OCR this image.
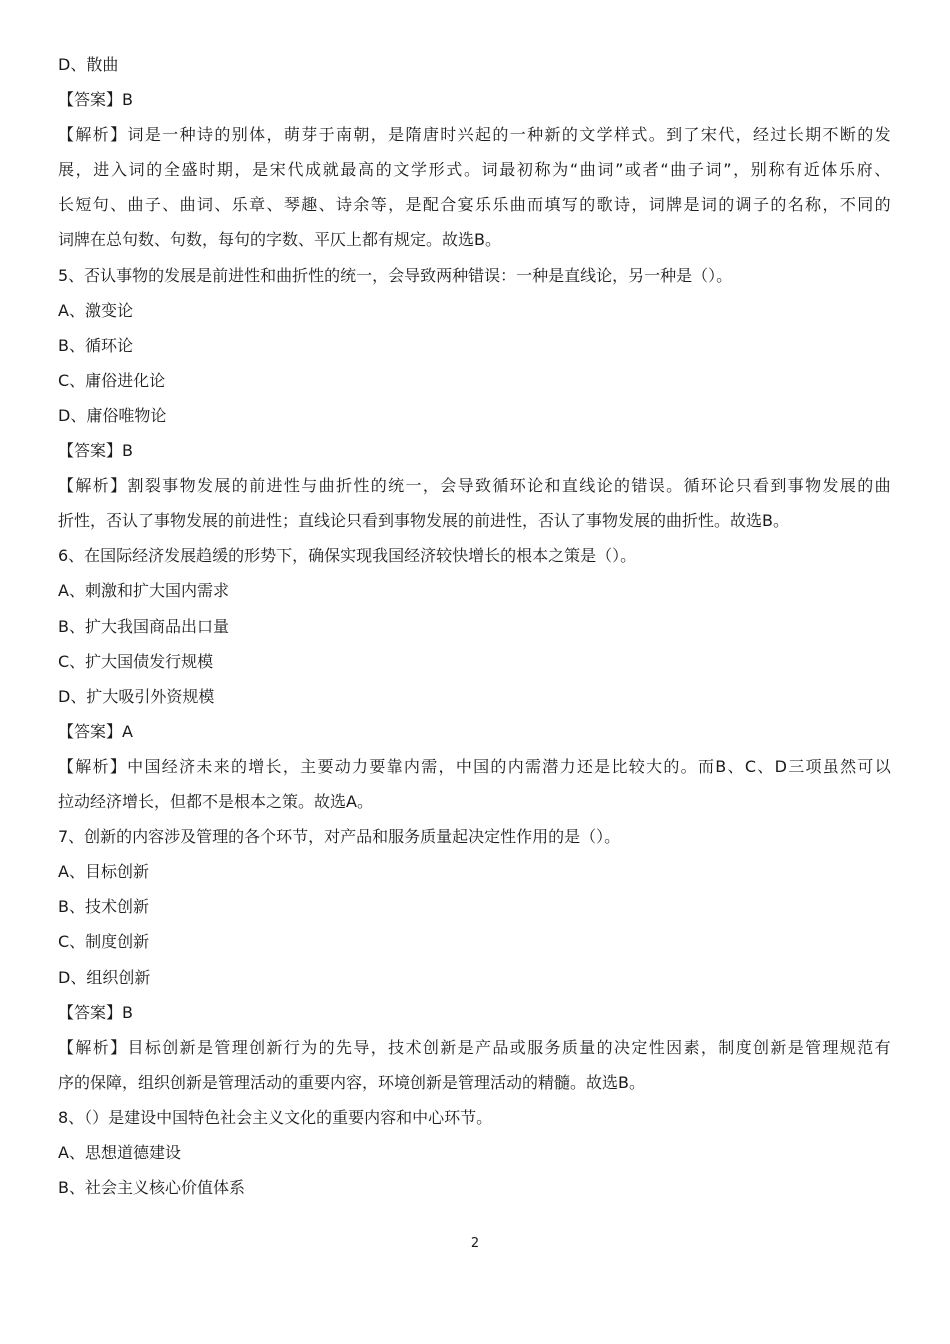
D、散曲
【答案】B
【解析】词是一种诗的别体，萌芽于南朝，是隋唐时兴起的一种新的文学样式。到了宋代，经过长期不断的发
展，进入词的全盛时期，是宋代成就最高的文学形式。词最初称为“曲词”或者“曲子词”，别称有近体乐府、
长短句、曲子、曲词、乐章、琴趣、诗余等，是配合宴乐乐曲而填写的歌诗，词牌是词的调子的名称，不同的
词牌在总句数、句数，每句的字数、平仄上都有规定。故选B。
5、否认事物的发展是前进性和曲折性的统一，会导致两种错误：一种是直线论，另一种是（）。
A、激变论
B、循环论
C、庸俗进化论
D、庸俗唯物论
【答案】B
【解析】割裂事物发展的前进性与曲折性的统一，会导致循环论和直线论的错误。循环论只看到事物发展的曲
折性，否认了事物发展的前进性；直线论只看到事物发展的前进性，否认了事物发展的曲折性。故选B。
6、在国际经济发展趋缓的形势下，确保实现我国经济较快增长的根本之策是（）。
A、刺激和扩大国内需求
B、扩大我国商品出口量
C、扩大国债发行规模
D、扩大吸引外资规模
【答案】A
【解析】中国经济未来的增长，主要动力要靠内需，中国的内需潜力还是比较大的。而B、C、D三项虽然可以
拉动经济增长，但都不是根本之策。故选A。
7、创新的内容涉及管理的各个环节，对产品和服务质量起决定性作用的是（）。
A、目标创新
B、技术创新
C、制度创新
D、组织创新
【答案】B
【解析】目标创新是管理创新行为的先导，技术创新是产品或服务质量的决定性因素，制度创新是管理规范有
序的保障，组织创新是管理活动的重要内容，环境创新是管理活动的精髓。故选B。
8、（）是建设中国特色社会主义文化的重要内容和中心环节。
A、思想道德建设
B、社会主义核心价值体系
2
